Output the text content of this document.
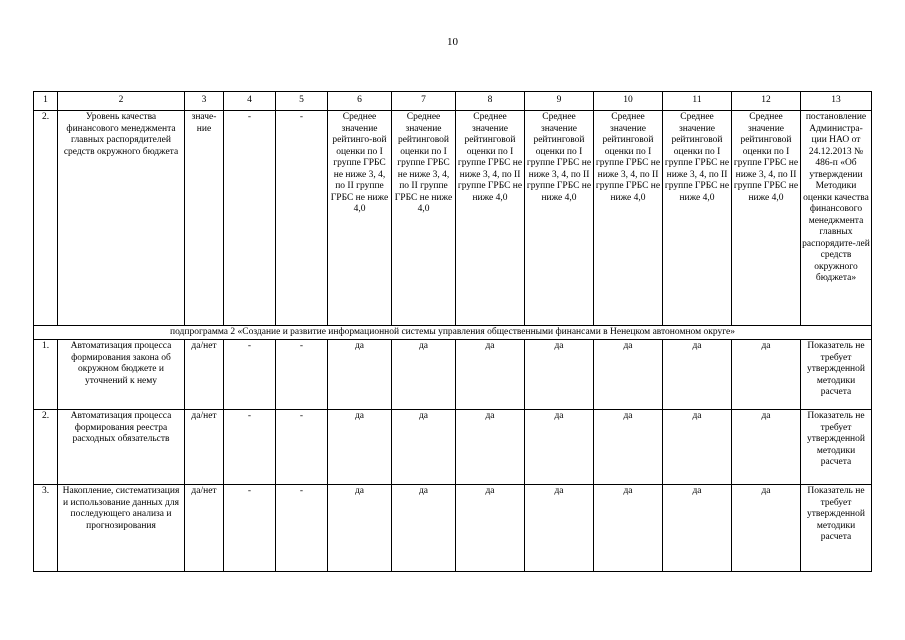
10
1	2	3	4	5	6	7	8	9	10	11	12	13
2.	Уровень качества финансового менеджмента главных распорядителей средств окружного бюджета	значе-ние	-	-	Среднее значение рейтинго-вой оценки по I группе ГРБС не ниже 3, 4, по II группе ГРБС не ниже 4,0	Среднее значение рейтинговой оценки по I группе ГРБС не ниже 3, 4, по II группе ГРБС не ниже 4,0	Среднее значение рейтинговой оценки по I группе ГРБС не ниже 3, 4, по II группе ГРБС не ниже 4,0	Среднее значение рейтинговой оценки по I группе ГРБС не ниже 3, 4, по II группе ГРБС не ниже 4,0	Среднее значение рейтинговой оценки по I группе ГРБС не ниже 3, 4, по II группе ГРБС не ниже 4,0	Среднее значение рейтинговой оценки по I группе ГРБС не ниже 3, 4, по II группе ГРБС не ниже 4,0	Среднее значение рейтинговой оценки по I группе ГРБС не ниже 3, 4, по II группе ГРБС не ниже 4,0	постановление Администра-ции НАО от 24.12.2013 № 486-п «Об утверждении Методики оценки качества финансового менеджмента главных распорядите-лей средств окружного бюджета»
подпрограмма 2 «Создание и развитие информационной системы управления общественными финансами в Ненецком автономном округе»												
1.	Автоматизация процесса формирования закона об окружном бюджете и уточнений к нему	да/нет	-	-	да	да	да	да	да	да	да	Показатель не требует утвержденной методики расчета
2.	Автоматизация процесса формирования реестра расходных обязательств	да/нет	-	-	да	да	да	да	да	да	да	Показатель не требует утвержденной методики расчета
3.	Накопление, систематизация и использование данных для последующего анализа и прогнозирования	да/нет	-	-	да	да	да	да	да	да	да	Показатель не требует утвержденной методики расчета
